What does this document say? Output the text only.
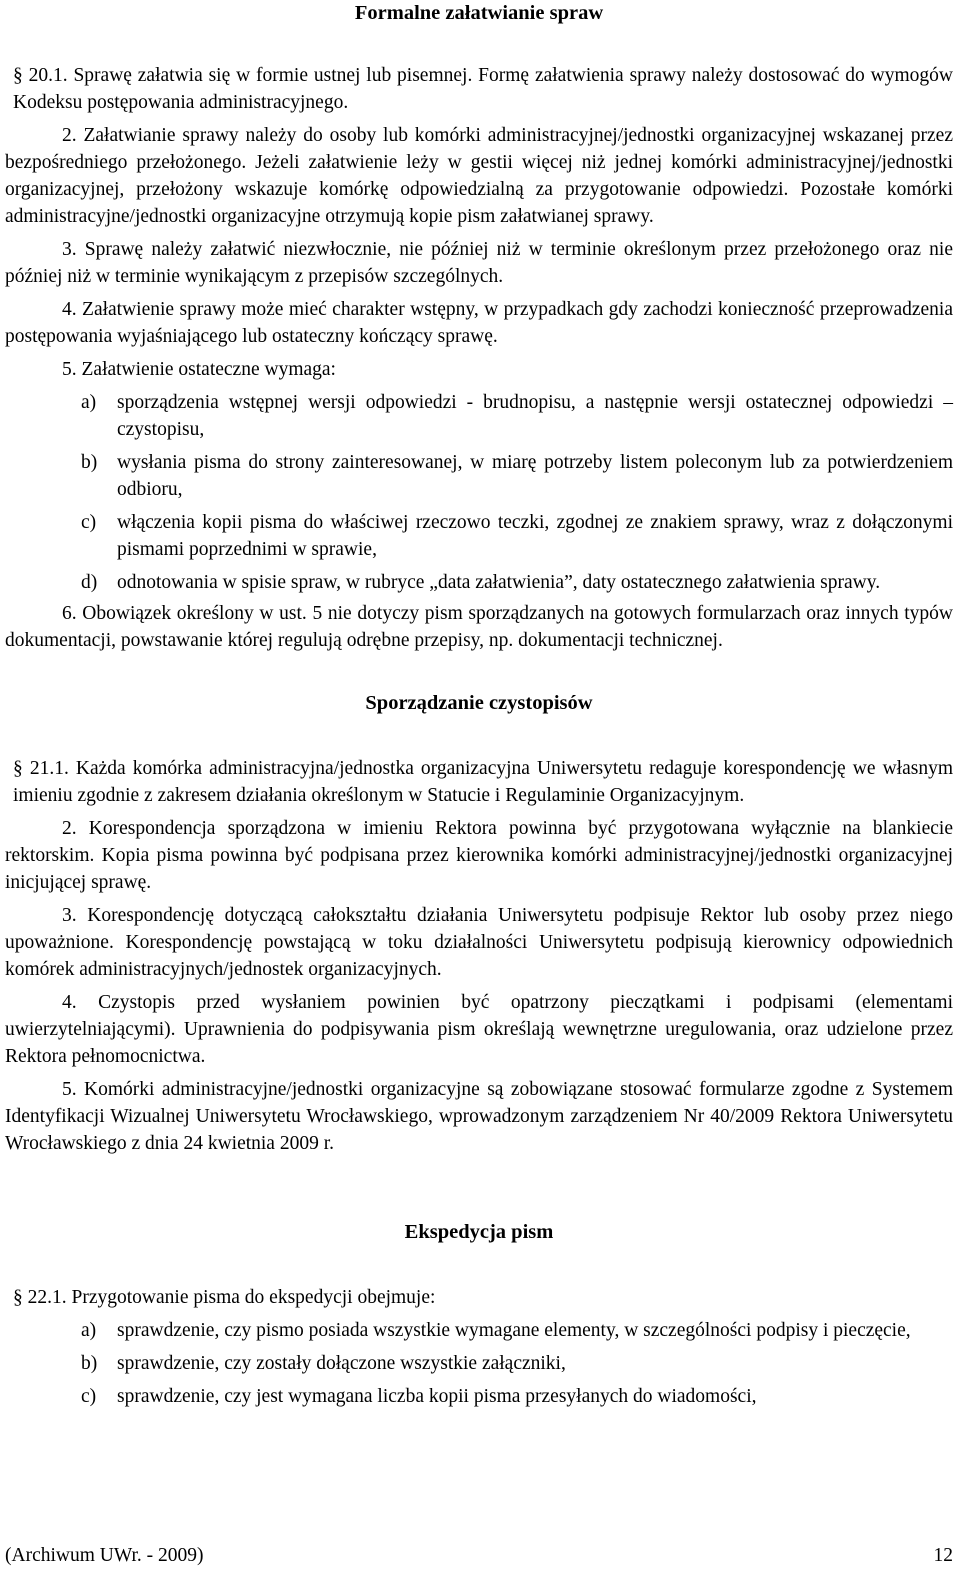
Formalne załatwianie spraw

§ 20.1. Sprawę załatwia się w formie ustnej lub pisemnej. Formę załatwienia sprawy należy dostosować do wymogów Kodeksu postępowania administracyjnego.

2. Załatwianie sprawy należy do osoby lub komórki administracyjnej/jednostki organizacyjnej wskazanej przez bezpośredniego przełożonego. Jeżeli załatwienie leży w gestii więcej niż jednej komórki administracyjnej/jednostki organizacyjnej, przełożony wskazuje komórkę odpowiedzialną za przygotowanie odpowiedzi. Pozostałe komórki administracyjne/jednostki organizacyjne otrzymują kopie pism załatwianej sprawy.

3. Sprawę należy załatwić niezwłocznie, nie później niż w terminie określonym przez przełożonego oraz nie później niż w terminie wynikającym z przepisów szczególnych.

4. Załatwienie sprawy może mieć charakter wstępny, w przypadkach gdy zachodzi konieczność przeprowadzenia postępowania wyjaśniającego lub ostateczny kończący sprawę.

5. Załatwienie ostateczne wymaga:

a) sporządzenia wstępnej wersji odpowiedzi - brudnopisu, a następnie wersji ostatecznej odpowiedzi – czystopisu,
b) wysłania pisma do strony zainteresowanej, w miarę potrzeby listem poleconym lub za potwierdzeniem odbioru,
c) włączenia kopii pisma do właściwej rzeczowo teczki, zgodnej ze znakiem sprawy, wraz z dołączonymi pismami poprzednimi w sprawie,
d) odnotowania w spisie spraw, w rubryce „data załatwienia”, daty ostatecznego załatwienia sprawy.

6. Obowiązek określony w ust. 5 nie dotyczy pism sporządzanych na gotowych formularzach oraz innych typów dokumentacji, powstawanie której regulują odrębne przepisy, np. dokumentacji technicznej.

Sporządzanie czystopisów

§ 21.1. Każda komórka administracyjna/jednostka organizacyjna Uniwersytetu redaguje korespondencję we własnym imieniu zgodnie z zakresem działania określonym w Statucie i Regulaminie Organizacyjnym.

2. Korespondencja sporządzona w imieniu Rektora powinna być przygotowana wyłącznie na blankiecie rektorskim. Kopia pisma powinna być podpisana przez kierownika komórki administracyjnej/jednostki organizacyjnej inicjującej sprawę.

3. Korespondencję dotyczącą całokształtu działania Uniwersytetu podpisuje Rektor lub osoby przez niego upoważnione. Korespondencję powstającą w toku działalności Uniwersytetu podpisują kierownicy odpowiednich komórek administracyjnych/jednostek organizacyjnych.

4. Czystopis przed wysłaniem powinien być opatrzony pieczątkami i podpisami (elementami uwierzytelniającymi). Uprawnienia do podpisywania pism określają wewnętrzne uregulowania, oraz udzielone przez Rektora pełnomocnictwa.

5. Komórki administracyjne/jednostki organizacyjne są zobowiązane stosować formularze zgodne z Systemem Identyfikacji Wizualnej Uniwersytetu Wrocławskiego, wprowadzonym zarządzeniem Nr 40/2009 Rektora Uniwersytetu Wrocławskiego z dnia 24 kwietnia 2009 r.

Ekspedycja pism

§ 22.1. Przygotowanie pisma do ekspedycji obejmuje:

a) sprawdzenie, czy pismo posiada wszystkie wymagane elementy, w szczególności podpisy i pieczęcie,
b) sprawdzenie, czy zostały dołączone wszystkie załączniki,
c) sprawdzenie, czy jest wymagana liczba kopii pisma przesyłanych do wiadomości,
(Archiwum UWr. - 2009)	12
